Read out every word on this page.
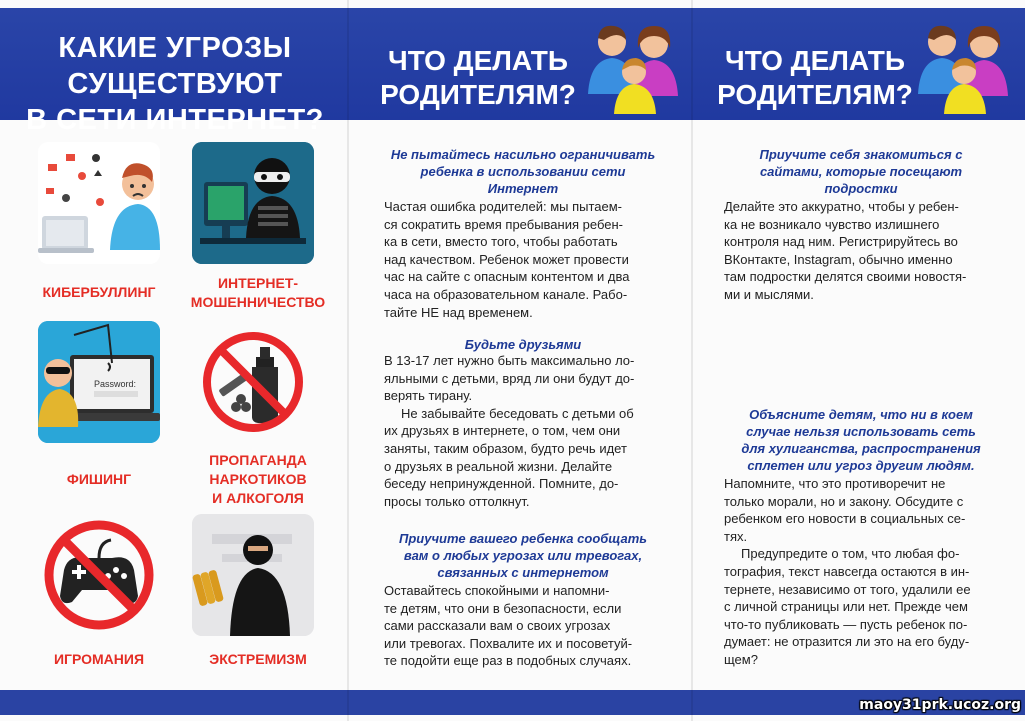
КАКИЕ УГРОЗЫ
СУЩЕСТВУЮТ
В СЕТИ ИНТЕРНЕТ?
КИБЕРБУЛЛИНГ
ИНТЕРНЕТ-
МОШЕННИЧЕСТВО
Password:
ФИШИНГ
ПРОПАГАНДА
НАРКОТИКОВ
И АЛКОГОЛЯ
ИГРОМАНИЯ	ЭКСТРЕМИЗМ
ЧТО ДЕЛАТЬ
РОДИТЕЛЯМ?
Не пытайтесь насильно ограничивать
ребенка в использовании сети
Интернет
Частая ошибка родителей: мы пытаем-
ся сократить время пребывания ребен-
ка в сети, вместо того, чтобы работать
над качеством. Ребенок может провести
час на сайте с опасным контентом и два
часа на образовательном канале. Рабо-
тайте НЕ над временем.
Будьте друзьями
В 13-17 лет нужно быть максимально ло-
яльными с детьми, вряд ли они будут до-
верять тирану.
Не забывайте беседовать с детьми об
их друзьях в интернете, о том, чем они
заняты, таким образом, будто речь идет
о друзьях в реальной жизни. Делайте
беседу непринужденной. Помните, до-
просы только оттолкнут.
Приучите вашего ребенка сообщать
вам о любых угрозах или тревогах,
связанных с интернетом
Оставайтесь спокойными и напомни-
те детям, что они в безопасности, если
сами рассказали вам о своих угрозах
или тревогах. Похвалите их и посоветуй-
те подойти еще раз в подобных случаях.
ЧТО ДЕЛАТЬ
РОДИТЕЛЯМ?
Приучите себя знакомиться с
сайтами, которые посещают
подростки
Делайте это аккуратно, чтобы у ребен-
ка не возникало чувство излишнего
контроля над ним. Регистрируйтесь во
ВКонтакте, Instagram, обычно именно
там подростки делятся своими новостя-
ми и мыслями.
Объясните детям, что ни в коем
случае нельзя использовать сеть
для хулиганства, распространения
сплетен или угроз другим людям.
Напомните, что это противоречит не
только морали, но и закону. Обсудите с
ребенком его новости в социальных се-
тях.
Предупредите о том, что любая фо-
тография, текст навсегда остаются в ин-
тернете, независимо от того, удалили ее
с личной страницы или нет. Прежде чем
что-то публиковать — пусть ребенок по-
думает: не отразится ли это на его буду-
щем?
maoy31prk.ucoz.org
